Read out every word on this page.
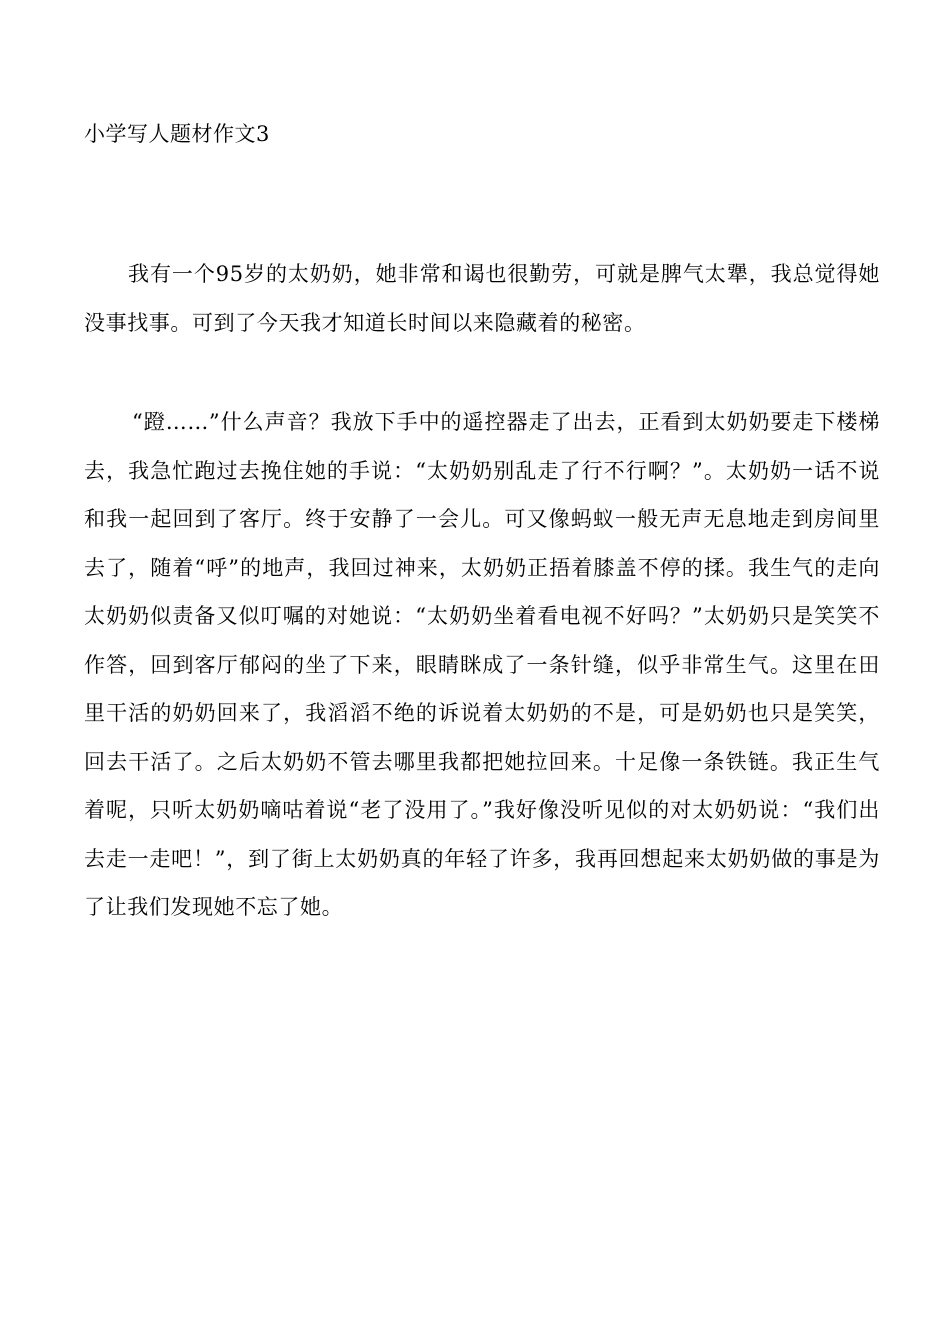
小学写人题材作文3

我有一个95岁的太奶奶，她非常和谒也很勤劳，可就是脾气太犟，我总觉得她没事找事。可到了今天我才知道长时间以来隐藏着的秘密。

“蹬……”什么声音？我放下手中的遥控器走了出去，正看到太奶奶要走下楼梯去，我急忙跑过去挽住她的手说：“太奶奶别乱走了行不行啊？”。太奶奶一话不说和我一起回到了客厅。终于安静了一会儿。可又像蚂蚁一般无声无息地走到房间里去了，随着“呼”的地声，我回过神来，太奶奶正捂着膝盖不停的揉。我生气的走向太奶奶似责备又似叮嘱的对她说：“太奶奶坐着看电视不好吗？”太奶奶只是笑笑不作答，回到客厅郁闷的坐了下来，眼睛眯成了一条针缝，似乎非常生气。这里在田里干活的奶奶回来了，我滔滔不绝的诉说着太奶奶的不是，可是奶奶也只是笑笑，回去干活了。之后太奶奶不管去哪里我都把她拉回来。十足像一条铁链。我正生气着呢，只听太奶奶嘀咕着说“老了没用了。”我好像没听见似的对太奶奶说：“我们出去走一走吧！”，到了街上太奶奶真的年轻了许多，我再回想起来太奶奶做的事是为了让我们发现她不忘了她。
